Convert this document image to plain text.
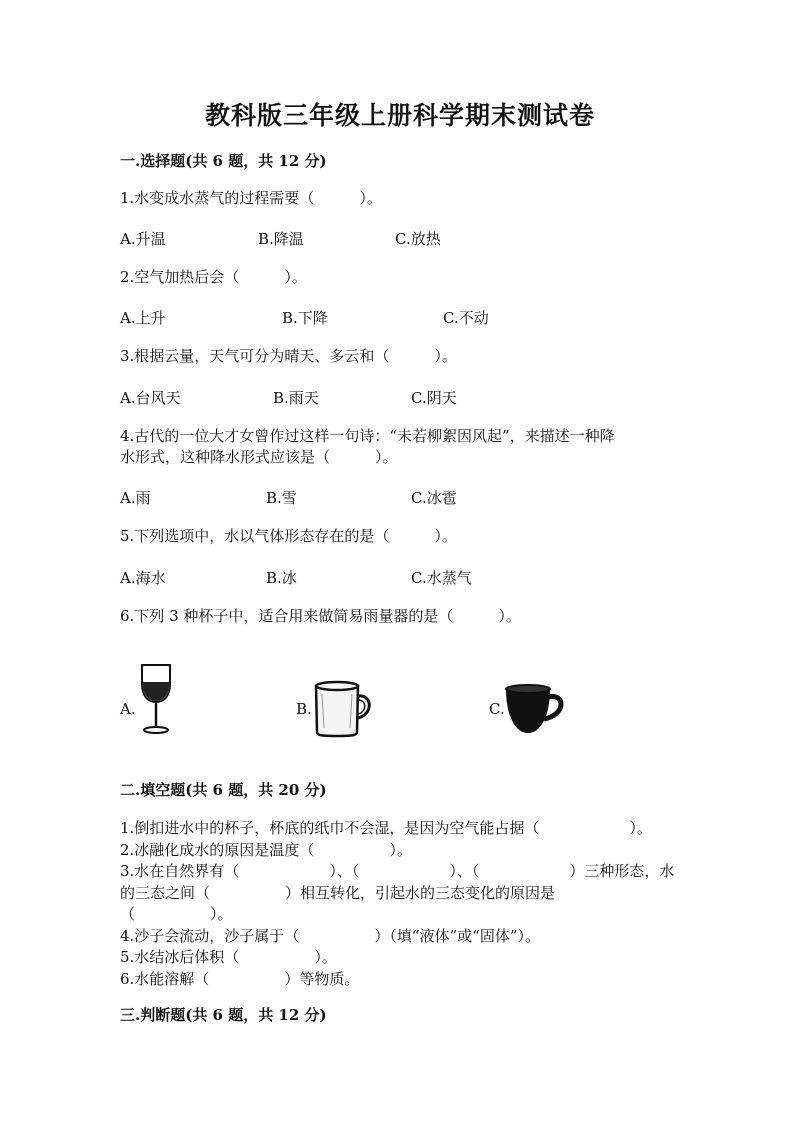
教科版三年级上册科学期末测试卷
一.选择题(共 6 题，共 12 分)
1.水变成水蒸气的过程需要（　　　）。
A.升温	B.降温	C.放热
2.空气加热后会（　　　）。
A.上升	B.下降	C.不动
3.根据云量，天气可分为晴天、多云和（　　　）。
A.台风天	B.雨天	C.阴天
4.古代的一位大才女曾作过这样一句诗：“未若柳絮因风起”，来描述一种降
水形式，这种降水形式应该是（　　　）。
A.雨	B.雪	C.冰雹
5.下列选项中，水以气体形态存在的是（　　　）。
A.海水	B.冰	C.水蒸气
6.下列 3 种杯子中，适合用来做简易雨量器的是（　　　）。
A.	B.	C.
二.填空题(共 6 题，共 20 分)
1.倒扣进水中的杯子，杯底的纸巾不会湿，是因为空气能占据（　　　　　　）。
2.冰融化成水的原因是温度（　　　　　）。
3.水在自然界有（　　　　　　）、（　　　　　　）、（　　　　　　）三种形态，水
的三态之间（　　　　　）相互转化，引起水的三态变化的原因是
（　　　　　）。
4.沙子会流动，沙子属于（　　　　　）（填“液体”或“固体”）。
5.水结冰后体积（　　　　　）。
6.水能溶解（　　　　　）等物质。
三.判断题(共 6 题，共 12 分)
